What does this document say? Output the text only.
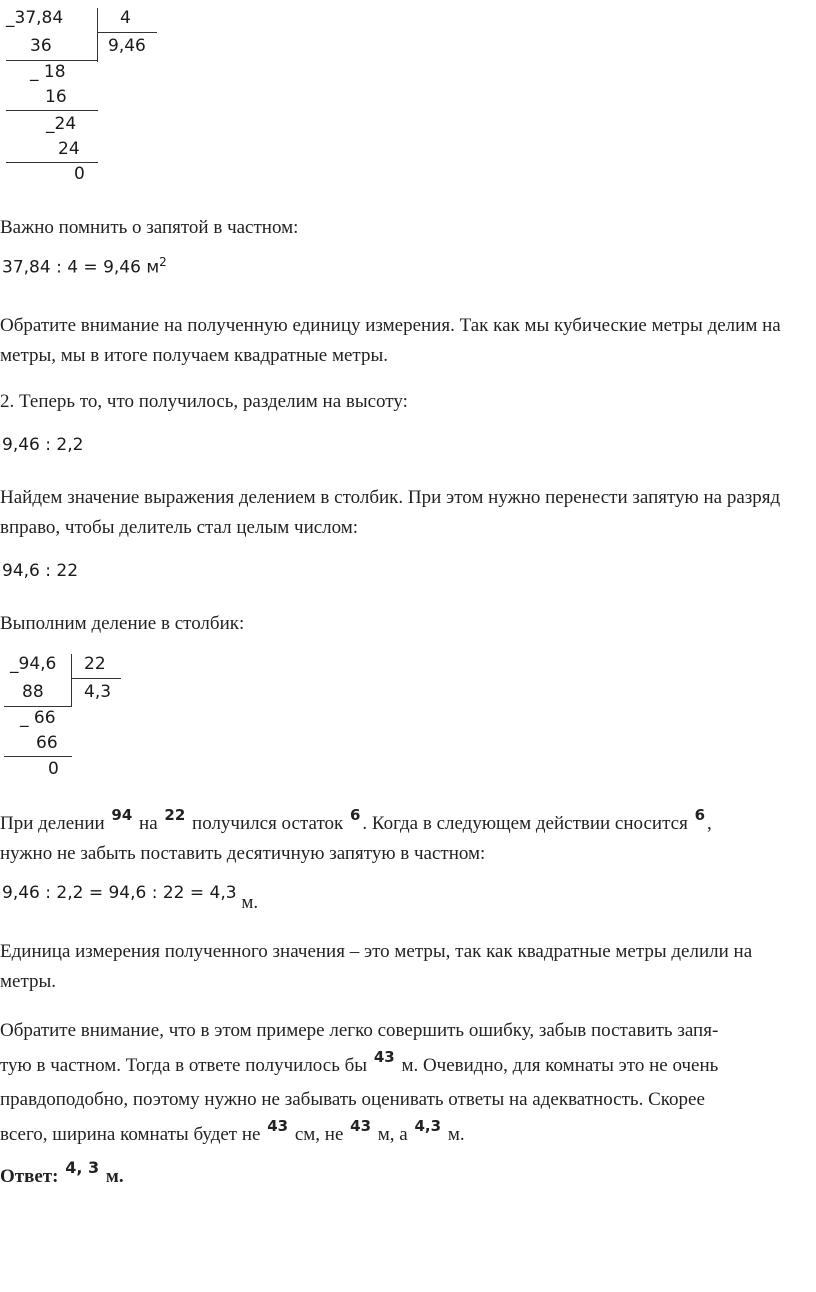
_37,84	4
36	9,46
_ 18
16
_24
24
0
Важно помнить о запятой в частном:
37,84 : 4 = 9,46 $м^2$
Обратите внимание на полученную единицу измерения. Так как мы кубические метры делим на метры, мы в итоге получаем квадратные метры.
2. Теперь то, что получилось, разделим на высоту:
9,46 : 2,2
Найдем значение выражения делением в столбик. При этом нужно перенести запятую на разряд вправо, чтобы делитель стал целым числом:
94,6 : 22
Выполним деление в столбик:
_94,6 22
88 4,3
_ 66
66
0
При делении $^{94}$ на $^{22}$ получился остаток $^6$ . Когда в следующем действии сносится $^6$ ,
нужно не забыть поставить десятичную запятую в частном:
9,46 : 2,2 = 94,6 : 22 = 4,3 м.
Единица измерения полученного значения – это метры, так как квадратные метры делили на метры.
Обратите внимание, что в этом примере легко совершить ошибку, забыв поставить запя-
тую в частном. Тогда в ответе получилось бы $^{43}$ м. Очевидно, для комнаты это не очень
правдоподобно, поэтому нужно не забывать оценивать ответы на адекватность. Скорее
всего, ширина комнаты будет не $^{43}$ см, не $^{43}$ м, а $^{4,3}$ м.
Ответ: $^{4, 3}$ м.
